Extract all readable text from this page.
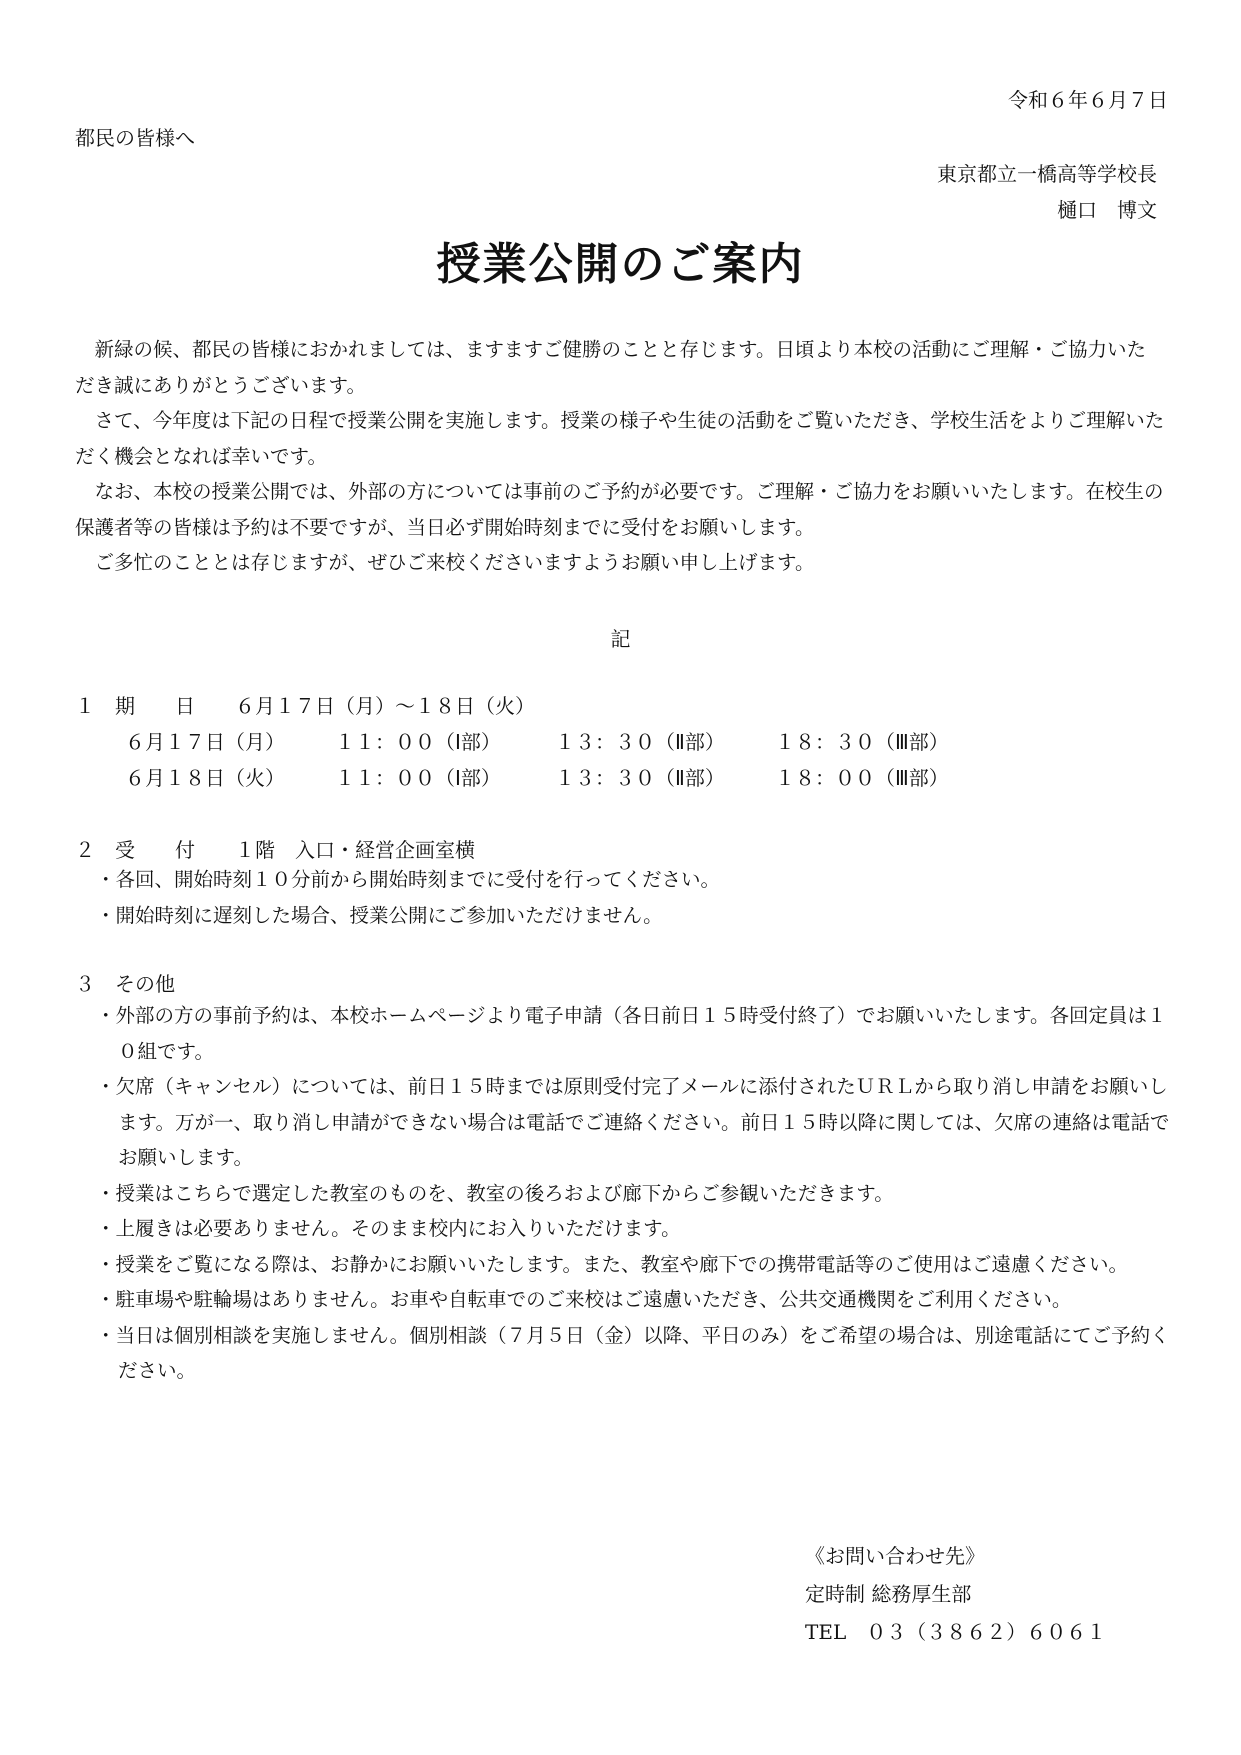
令和６年６月７日
都民の皆様へ
東京都立一橋高等学校長
樋口　博文
授業公開のご案内

新緑の候、都民の皆様におかれましては、ますますご健勝のことと存じます。日頃より本校の活動にご理解・ご協力いただき誠にありがとうございます。

さて、今年度は下記の日程で授業公開を実施します。授業の様子や生徒の活動をご覧いただき、学校生活をよりご理解いただく機会となれば幸いです。

なお、本校の授業公開では、外部の方については事前のご予約が必要です。ご理解・ご協力をお願いいたします。在校生の保護者等の皆様は予約は不要ですが、当日必ず開始時刻までに受付をお願いします。

ご多忙のこととは存じますが、ぜひご来校くださいますようお願い申し上げます。

記
１ 期　　日 ６月１７日（月）～１８日（火）
６月１７日（月）	１１：００（Ⅰ部）	１３：３０（Ⅱ部）	１８：３０（Ⅲ部）
６月１８日（火）	１１：００（Ⅰ部）	１３：３０（Ⅱ部）	１８：００（Ⅲ部）
２ 受　　付 １階　入口・経営企画室横

・各回、開始時刻１０分前から開始時刻までに受付を行ってください。

・開始時刻に遅刻した場合、授業公開にご参加いただけません。

３ その他

・外部の方の事前予約は、本校ホームページより電子申請（各日前日１５時受付終了）でお願いいたします。各回定員は１０組です。

・欠席（キャンセル）については、前日１５時までは原則受付完了メールに添付されたＵＲＬから取り消し申請をお願いします。万が一、取り消し申請ができない場合は電話でご連絡ください。前日１５時以降に関しては、欠席の連絡は電話でお願いします。

・授業はこちらで選定した教室のものを、教室の後ろおよび廊下からご参観いただきます。

・上履きは必要ありません。そのまま校内にお入りいただけます。

・授業をご覧になる際は、お静かにお願いいたします。また、教室や廊下での携帯電話等のご使用はご遠慮ください。

・駐車場や駐輪場はありません。お車や自転車でのご来校はご遠慮いただき、公共交通機関をご利用ください。

・当日は個別相談を実施しません。個別相談（７月５日（金）以降、平日のみ）をご希望の場合は、別途電話にてご予約ください。

《お問い合わせ先》
定時制 総務厚生部
TEL　０３（３８６２）６０６１
